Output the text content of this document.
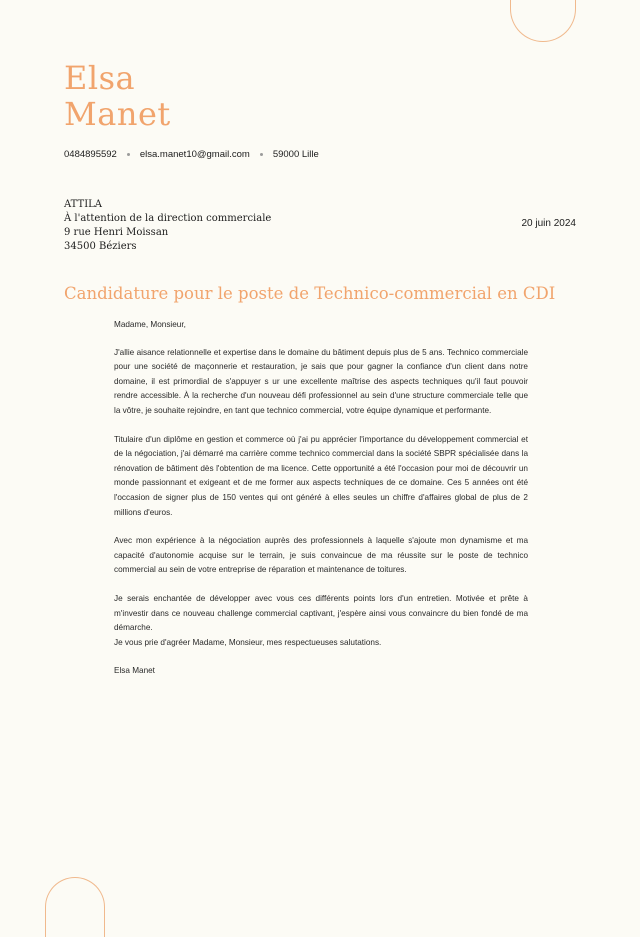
Elsa
Manet
0484895592 elsa.manet10@gmail.com 59000 Lille
ATTILA
À l'attention de la direction commerciale
9 rue Henri Moissan
34500 Béziers
20 juin 2024
Candidature pour le poste de Technico-commercial en CDI

Madame, Monsieur,

J'allie aisance relationnelle et expertise dans le domaine du bâtiment depuis plus de 5 ans. Technico commerciale pour une société de maçonnerie et restauration, je sais que pour gagner la confiance d'un client dans notre domaine, il est primordial de s'appuyer s ur une excellente maîtrise des aspects techniques qu'il faut pouvoir rendre accessible. À la recherche d'un nouveau défi professionnel au sein d'une structure commerciale telle que la vôtre, je souhaite rejoindre, en tant que technico commercial, votre équipe dynamique et performante.

Titulaire d'un diplôme en gestion et commerce où j'ai pu apprécier l'importance du développement commercial et de la négociation, j'ai démarré ma carrière comme technico commercial dans la société SBPR spécialisée dans la rénovation de bâtiment dès l'obtention de ma licence. Cette opportunité a été l'occasion pour moi de découvrir un monde passionnant et exigeant et de me former aux aspects techniques de ce domaine. Ces 5 années ont été l'occasion de signer plus de 150 ventes qui ont généré à elles seules un chiffre d'affaires global de plus de 2 millions d'euros.

Avec mon expérience à la négociation auprès des professionnels à laquelle s'ajoute mon dynamisme et ma capacité d'autonomie acquise sur le terrain, je suis convaincue de ma réussite sur le poste de technico commercial au sein de votre entreprise de réparation et maintenance de toitures.

Je serais enchantée de développer avec vous ces différents points lors d'un entretien. Motivée et prête à m'investir dans ce nouveau challenge commercial captivant, j'espère ainsi vous convaincre du bien fondé de ma démarche.

Je vous prie d'agréer Madame, Monsieur, mes respectueuses salutations.

Elsa Manet
